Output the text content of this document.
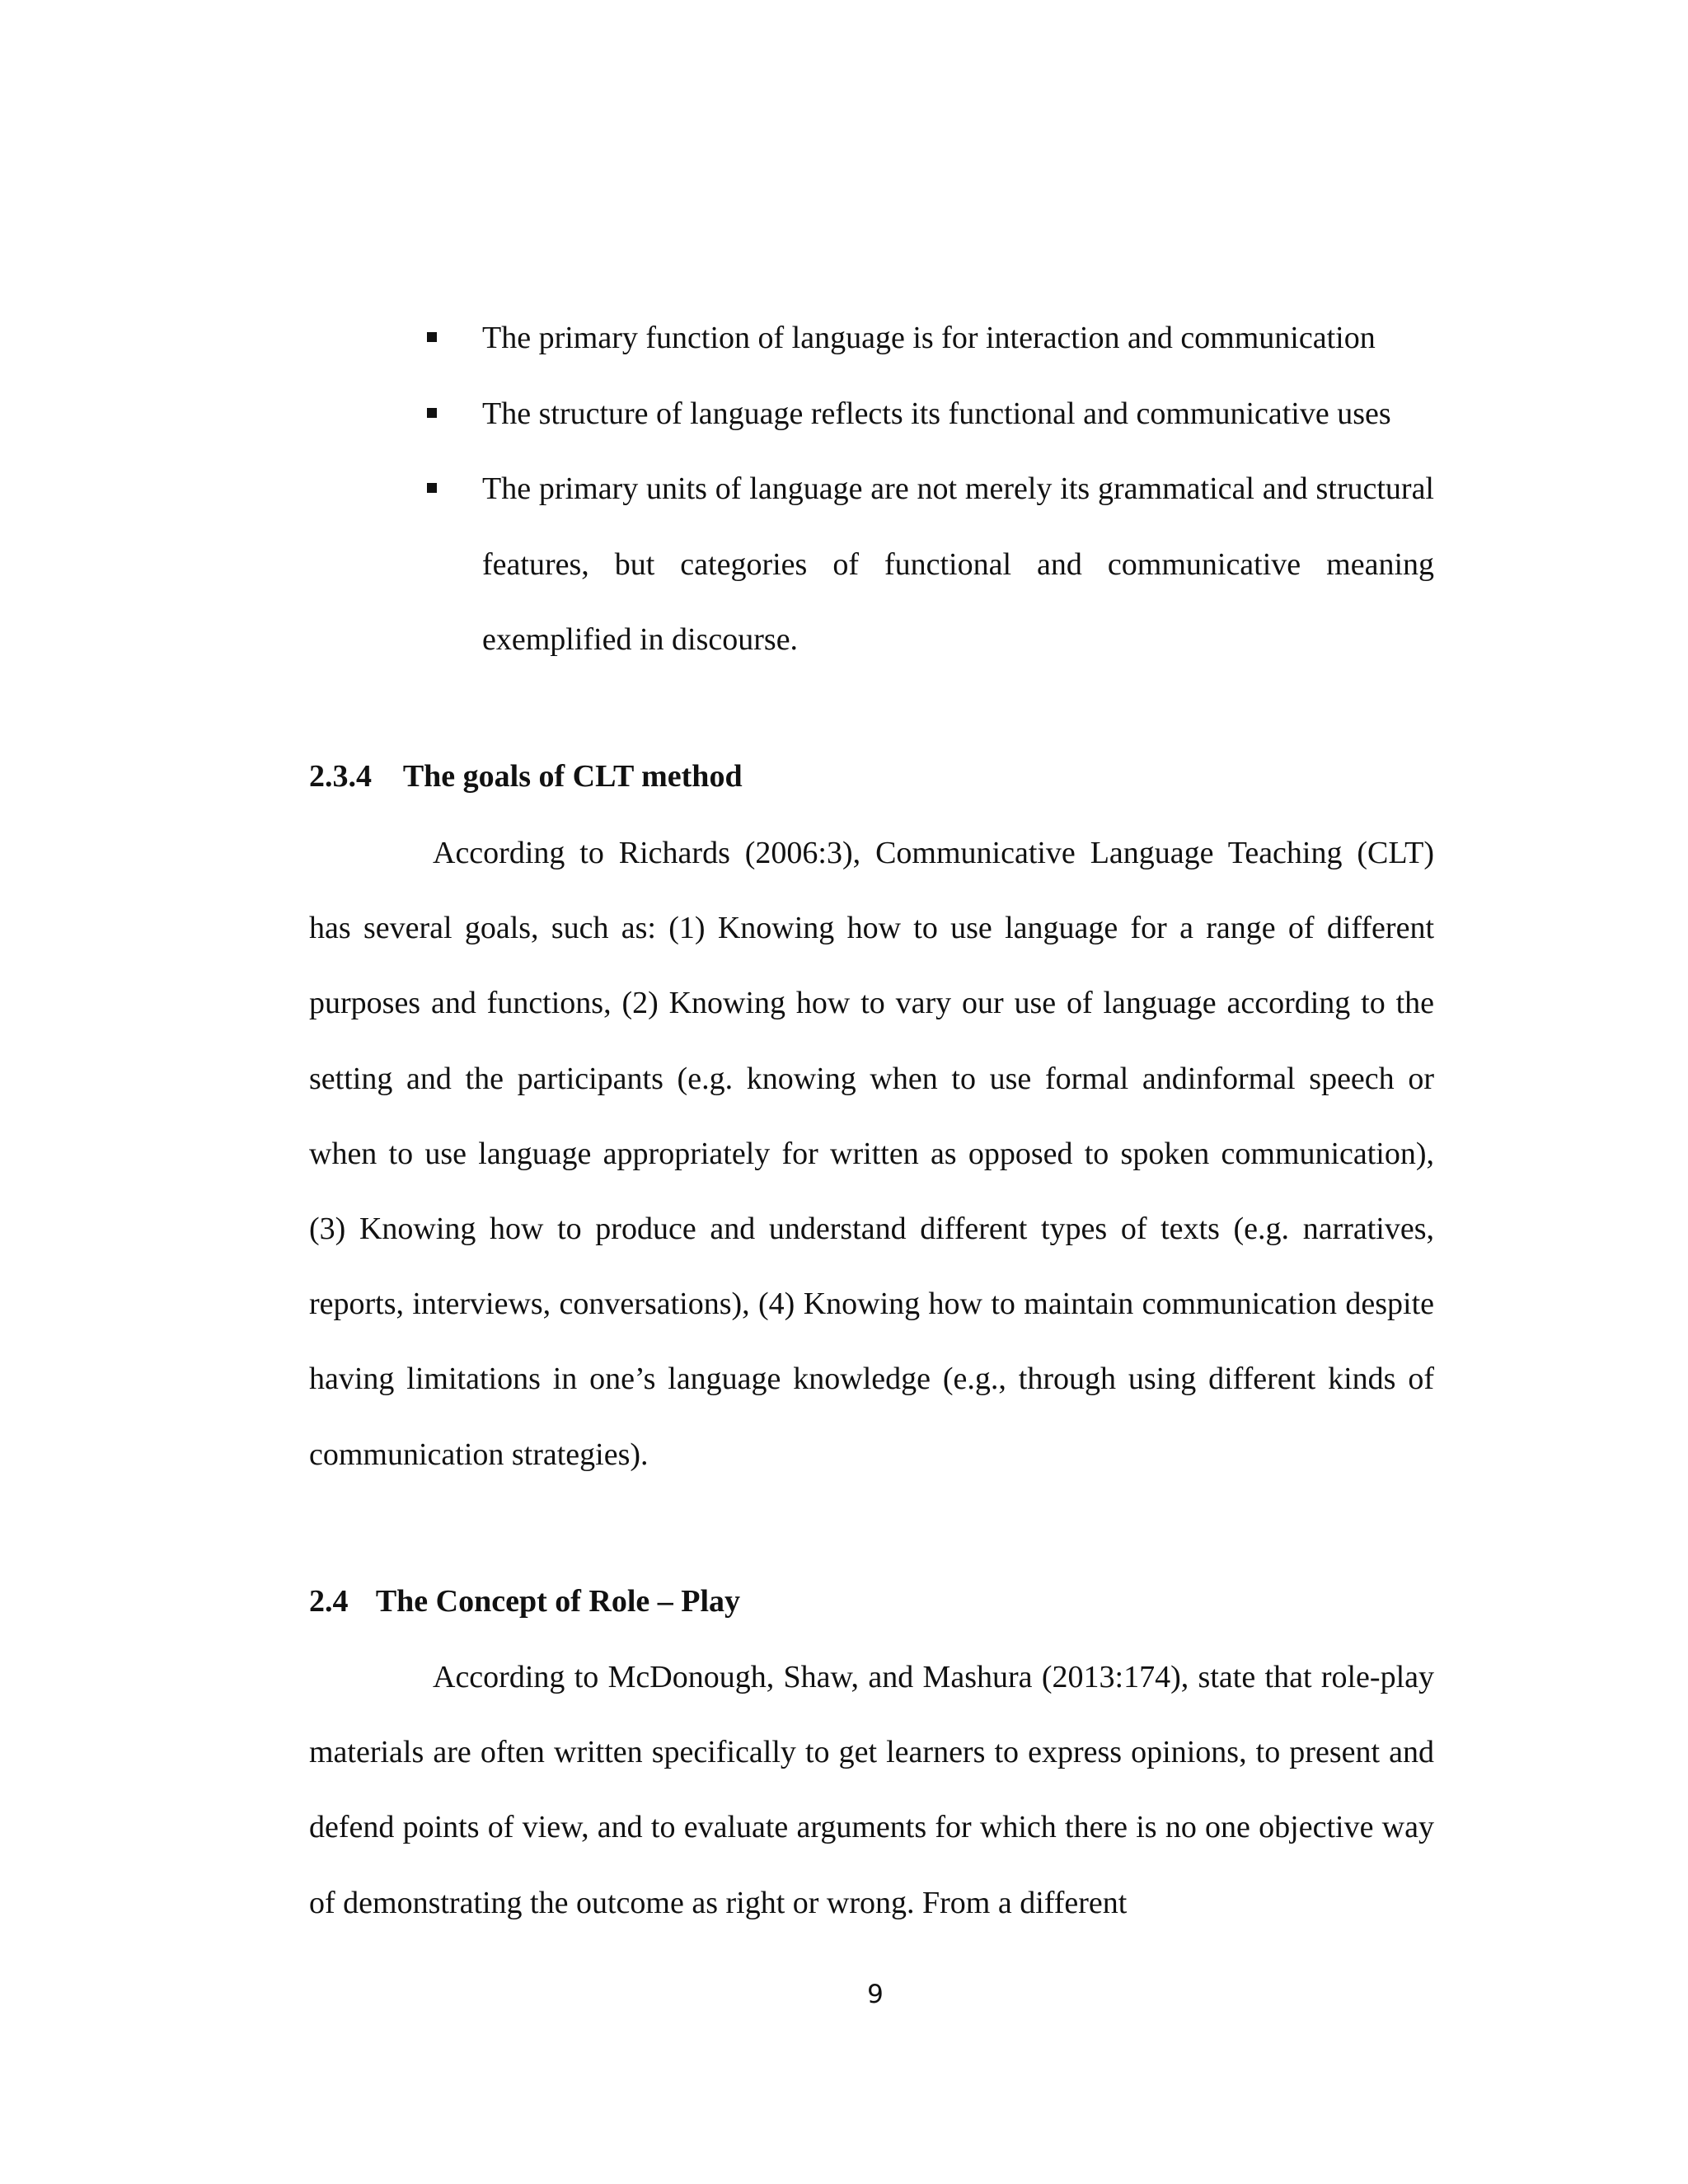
The primary function of language is for interaction and communication
The structure of language reflects its functional and communicative uses
The primary units of language are not merely its grammatical and structural features, but categories of functional and communicative meaning exemplified in discourse.
2.3.4 The goals of CLT method

According to Richards (2006:3), Communicative Language Teaching (CLT) has several goals, such as: (1) Knowing how to use language for a range of different purposes and functions, (2) Knowing how to vary our use of language according to the setting and the participants (e.g. knowing when to use formal andinformal speech or when to use language appropriately for written as opposed to spoken communication), (3) Knowing how to produce and understand different types of texts (e.g. narratives, reports, interviews, conversations), (4) Knowing how to maintain communication despite having limitations in one’s language knowledge (e.g., through using different kinds of communication strategies).

2.4 The Concept of Role – Play

According to McDonough, Shaw, and Mashura (2013:174), state that role-play materials are often written specifically to get learners to express opinions, to present and defend points of view, and to evaluate arguments for which there is no one objective way of demonstrating the outcome as right or wrong. From a different

9
